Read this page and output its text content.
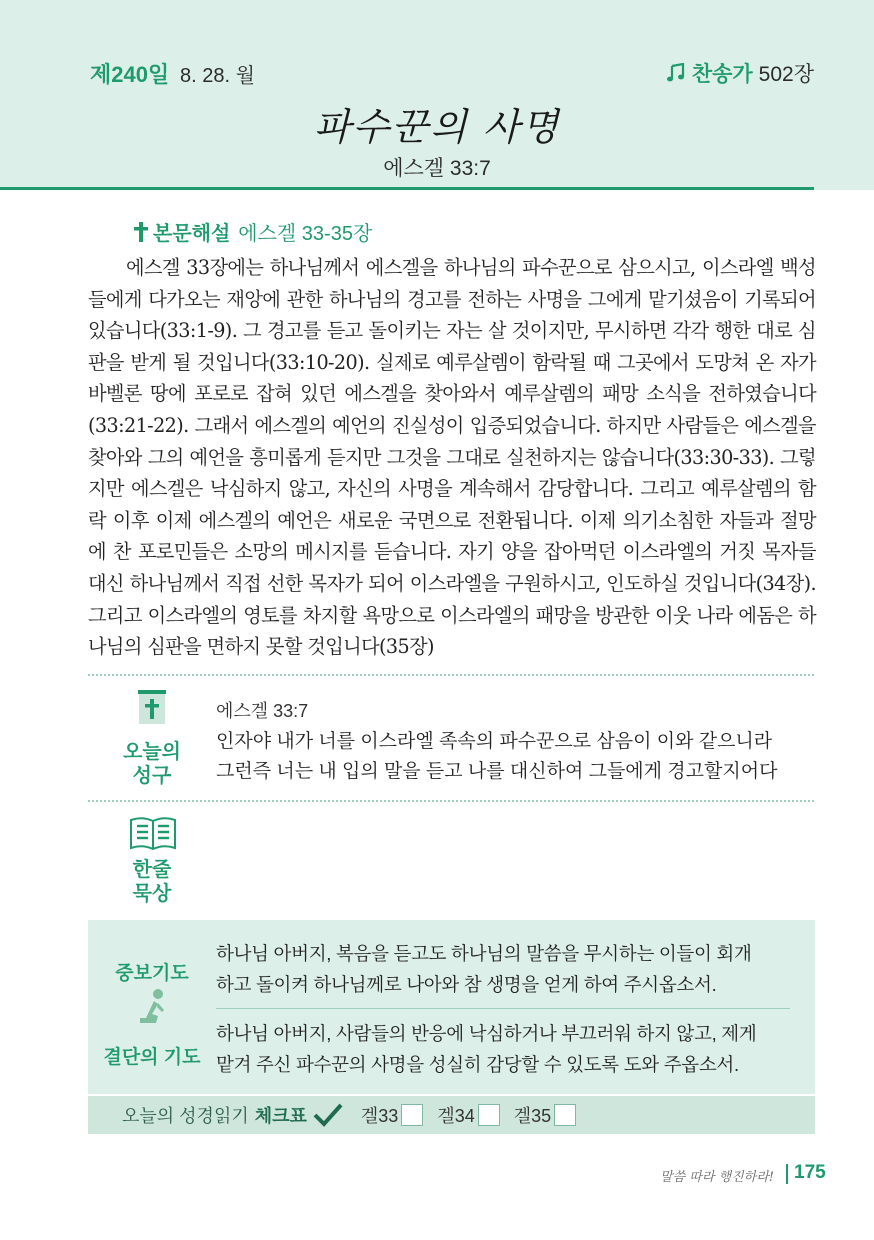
제240일 8. 28. 월	찬송가 502장
파수꾼의 사명
에스겔 33:7
본문해설 에스겔 33-35장
에스겔 33장에는 하나님께서 에스겔을 하나님의 파수꾼으로 삼으시고, 이스라엘 백성들에게 다가오는 재앙에 관한 하나님의 경고를 전하는 사명을 그에게 맡기셨음이 기록되어 있습니다(33:1-9). 그 경고를 듣고 돌이키는 자는 살 것이지만, 무시하면 각각 행한 대로 심판을 받게 될 것입니다(33:10-20). 실제로 예루살렘이 함락될 때 그곳에서 도망쳐 온 자가 바벨론 땅에 포로로 잡혀 있던 에스겔을 찾아와서 예루살렘의 패망 소식을 전하였습니다(33:21-22). 그래서 에스겔의 예언의 진실성이 입증되었습니다. 하지만 사람들은 에스겔을 찾아와 그의 예언을 흥미롭게 듣지만 그것을 그대로 실천하지는 않습니다(33:30-33). 그렇지만 에스겔은 낙심하지 않고, 자신의 사명을 계속해서 감당합니다. 그리고 예루살렘의 함락 이후 이제 에스겔의 예언은 새로운 국면으로 전환됩니다. 이제 의기소침한 자들과 절망에 찬 포로민들은 소망의 메시지를 듣습니다. 자기 양을 잡아먹던 이스라엘의 거짓 목자들 대신 하나님께서 직접 선한 목자가 되어 이스라엘을 구원하시고, 인도하실 것입니다(34장). 그리고 이스라엘의 영토를 차지할 욕망으로 이스라엘의 패망을 방관한 이웃 나라 에돔은 하나님의 심판을 면하지 못할 것입니다(35장)
오늘의
성구
에스겔 33:7
인자야 내가 너를 이스라엘 족속의 파수꾼으로 삼음이 이와 같으니라
그런즉 너는 내 입의 말을 듣고 나를 대신하여 그들에게 경고할지어다
한줄
묵상
중보기도
결단의 기도
하나님 아버지, 복음을 듣고도 하나님의 말씀을 무시하는 이들이 회개
하고 돌이켜 하나님께로 나아와 참 생명을 얻게 하여 주시옵소서.
하나님 아버지, 사람들의 반응에 낙심하거나 부끄러워 하지 않고, 제게
맡겨 주신 파수꾼의 사명을 성실히 감당할 수 있도록 도와 주옵소서.
오늘의 성경읽기 체크표	겔33 겔34 겔35
말씀 따라 행진하라! 175
